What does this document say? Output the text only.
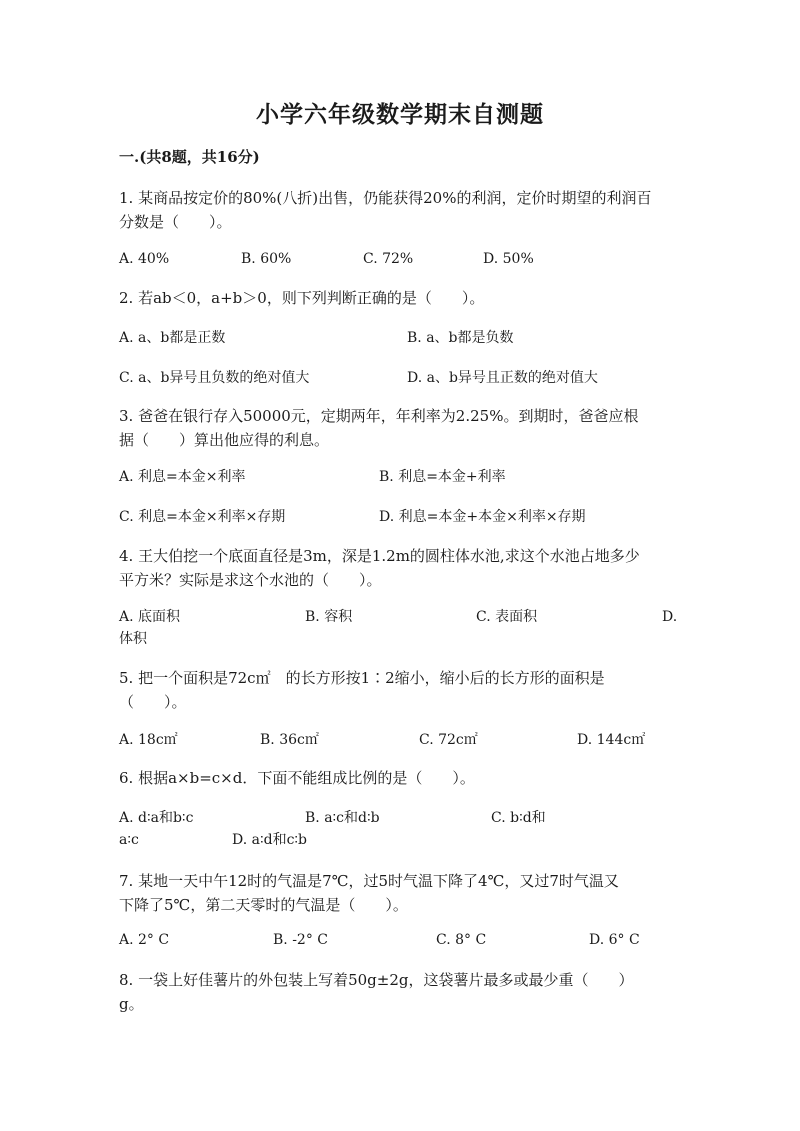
小学六年级数学期末自测题
一.(共8题，共16分)
1. 某商品按定价的80%(八折)出售，仍能获得20%的利润，定价时期望的利润百
分数是（　　）。
A. 40%	B. 60%	C. 72%	D. 50%
2. 若ab＜0，a+b＞0，则下列判断正确的是（　　）。
A. a、b都是正数	B. a、b都是负数
C. a、b异号且负数的绝对值大	D. a、b异号且正数的绝对值大
3. 爸爸在银行存入50000元，定期两年，年利率为2.25%。到期时，爸爸应根
据（　　）算出他应得的利息。
A. 利息=本金×利率	B. 利息=本金+利率
C. 利息=本金×利率×存期	D. 利息=本金+本金×利率×存期
4. 王大伯挖一个底面直径是3m，深是1.2m的圆柱体水池,求这个水池占地多少
平方米？实际是求这个水池的（　　）。
A. 底面积	B. 容积	C. 表面积	D.
体积
5. 把一个面积是72c㎡　的长方形按1∶2缩小，缩小后的长方形的面积是
（　　）。
A. 18c㎡	B. 36c㎡	C. 72c㎡	D. 144c㎡
6. 根据a×b=c×d．下面不能组成比例的是（　　）。
A. d∶a和b∶c	B. a∶c和d∶b	C. b∶d和
a∶c	D. a∶d和c∶b
7. 某地一天中午12时的气温是7℃，过5时气温下降了4℃，又过7时气温又
下降了5℃，第二天零时的气温是（　　）。
A. 2° C	B. -2° C	C. 8° C	D. 6° C
8. 一袋上好佳薯片的外包装上写着50g±2g，这袋薯片最多或最少重（　　）
g。
